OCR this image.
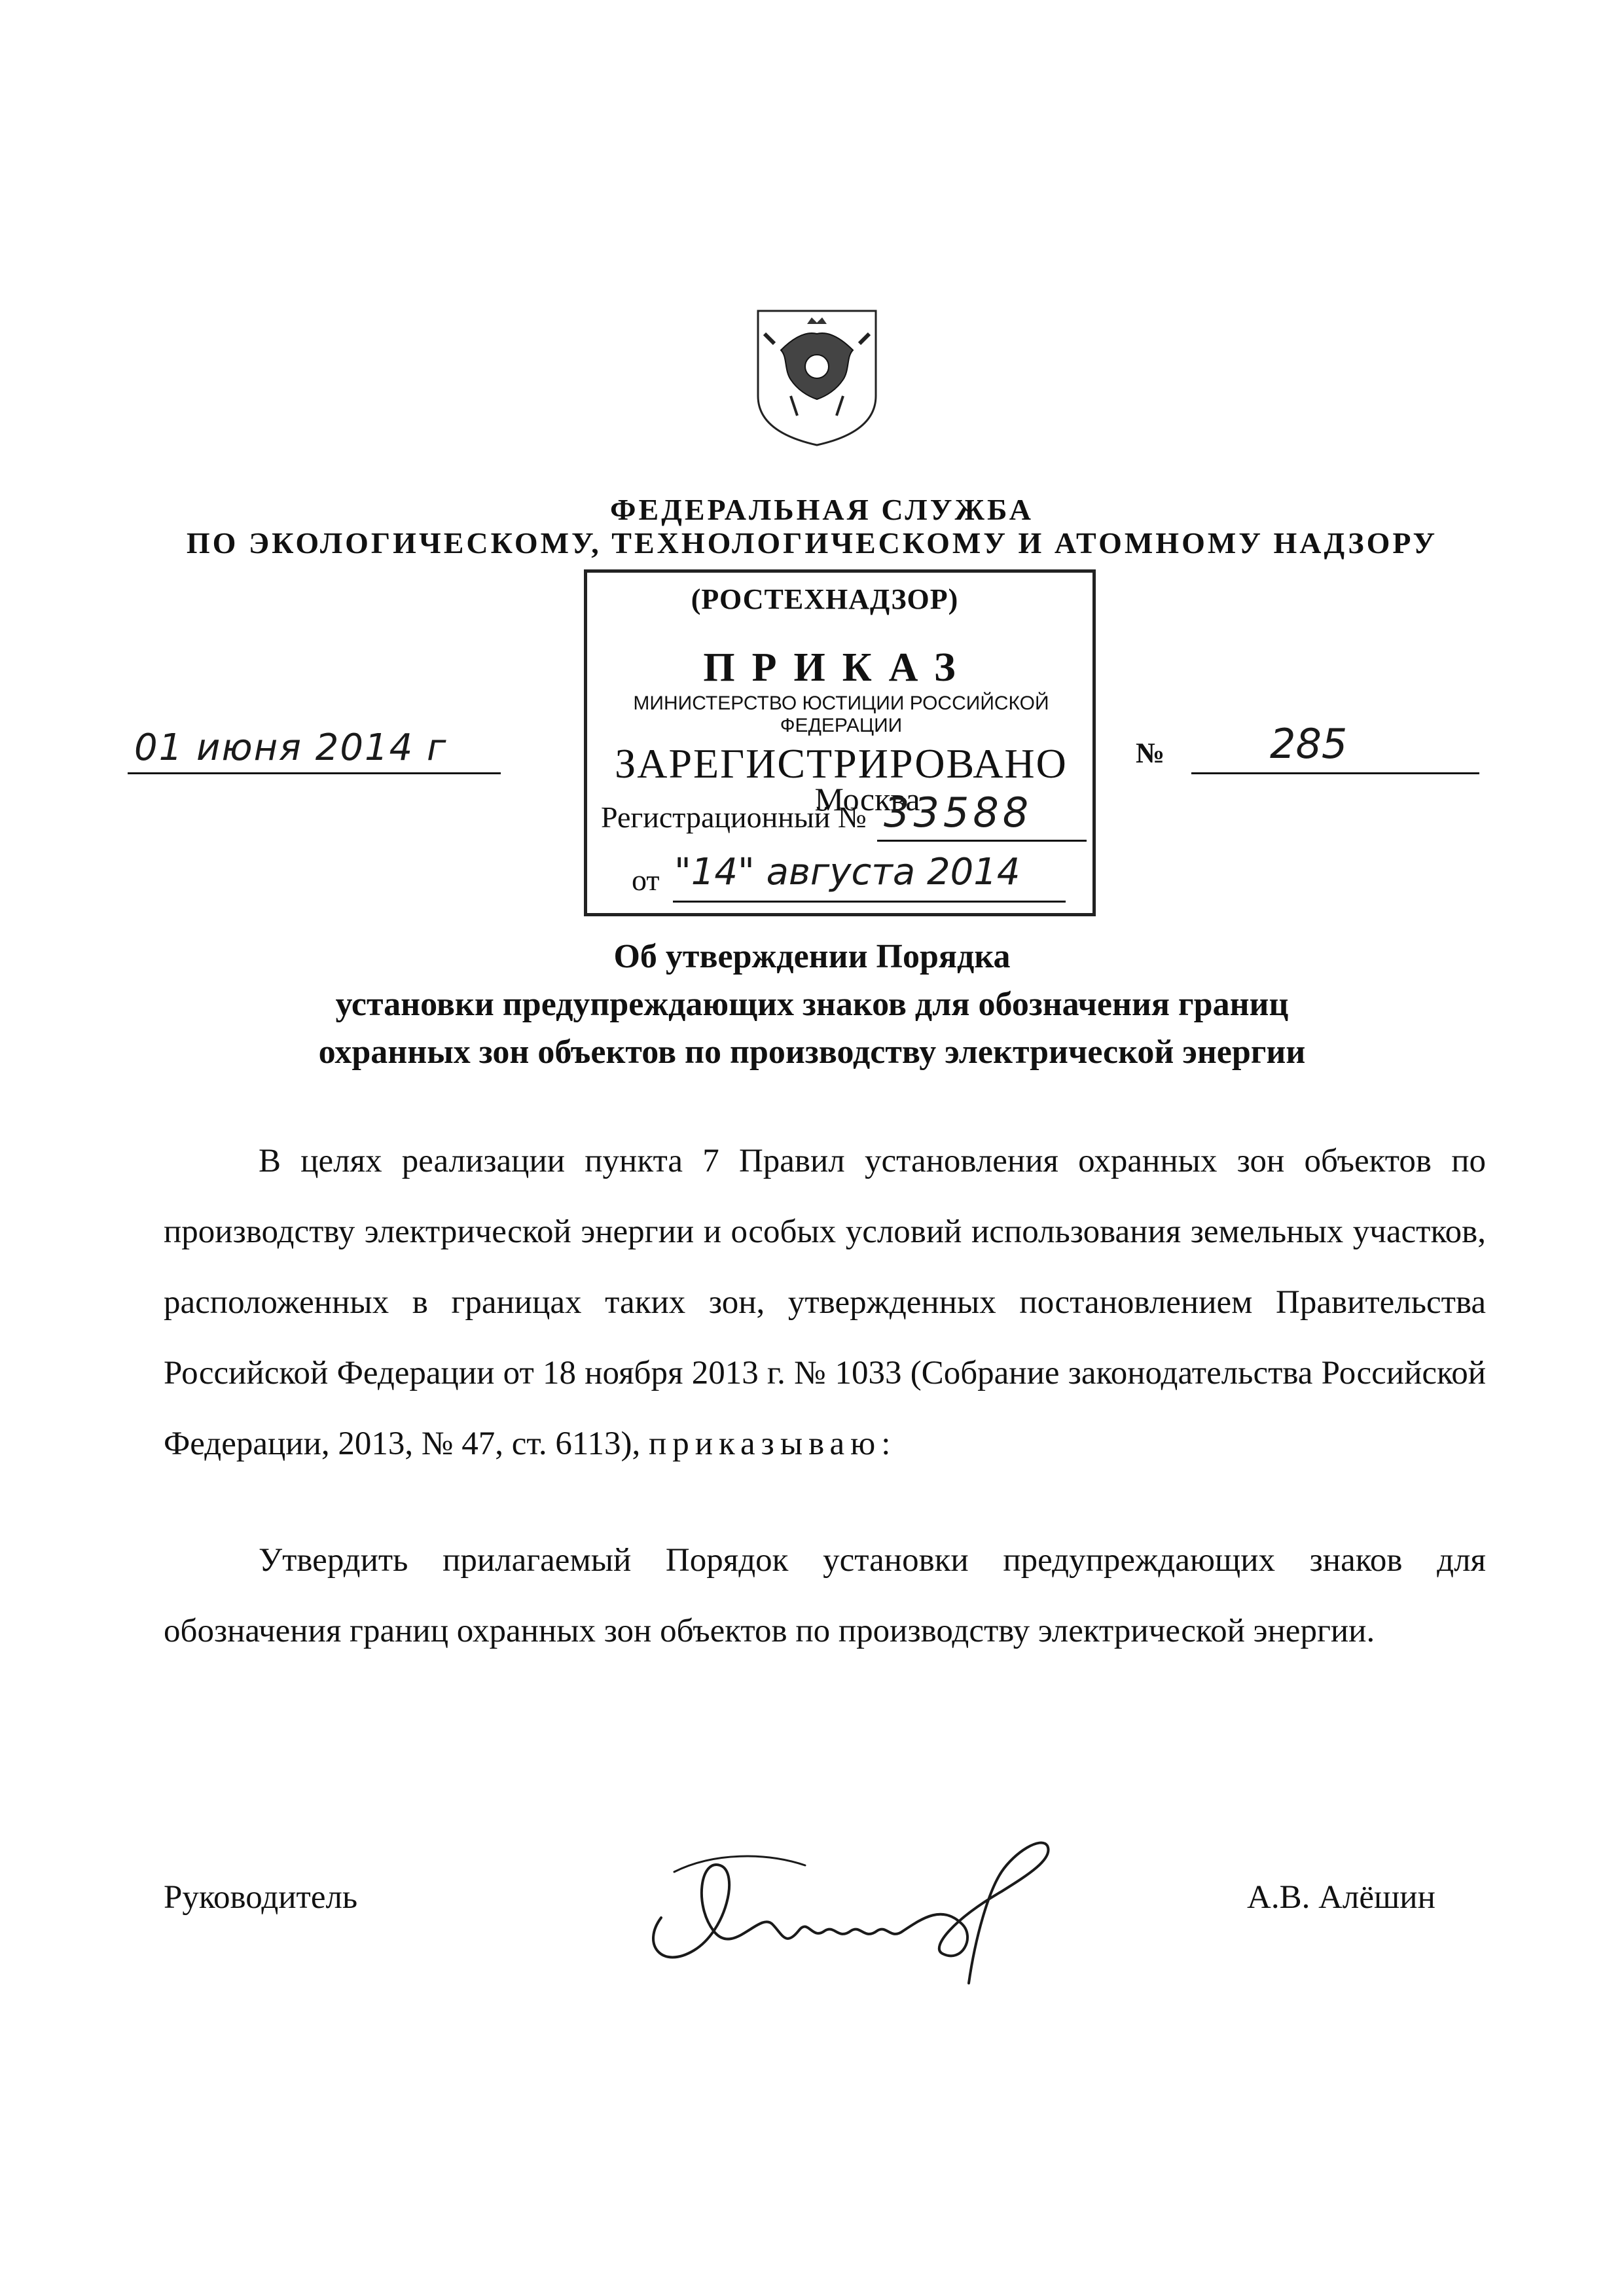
ФЕДЕРАЛЬНАЯ СЛУЖБА
ПО ЭКОЛОГИЧЕСКОМУ, ТЕХНОЛОГИЧЕСКОМУ И АТОМНОМУ НАДЗОРУ
(РОСТЕХНАДЗОР)
ПРИКАЗ
МИНИСТЕРСТВО ЮСТИЦИИ РОССИЙСКОЙ ФЕДЕРАЦИИ
ЗАРЕГИСТРИРОВАНО
Москва
Регистрационный № 33588
от "14" августа 2014
01 июня 2014 г	№	285
Об утверждении Порядка
установки предупреждающих знаков для обозначения границ
охранных зон объектов по производству электрической энергии
В целях реализации пункта 7 Правил установления охранных зон объектов по производству электрической энергии и особых условий использования земельных участков, расположенных в границах таких зон, утвержденных постановлением Правительства Российской Федерации от 18 ноября 2013 г. № 1033 (Собрание законодательства Российской Федерации, 2013, № 47, ст. 6113), приказываю:
Утвердить прилагаемый Порядок установки предупреждающих знаков для обозначения границ охранных зон объектов по производству электрической энергии.
Руководитель	А.В. Алёшин
